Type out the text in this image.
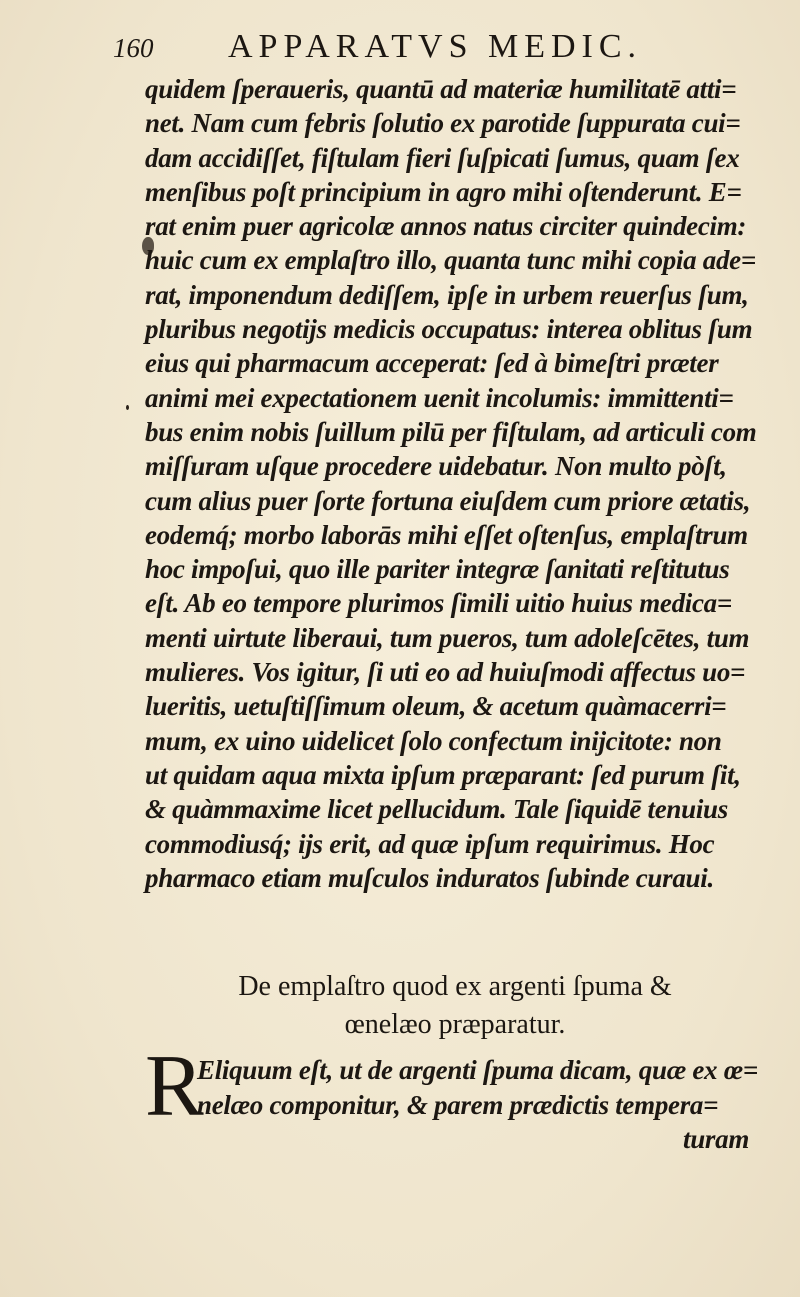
160 APPARATVS MEDIC.
quidem ſperaueris, quantū ad materiæ humilitatē atti=
net. Nam cum febris ſolutio ex parotide ſuppurata cui=
dam accidiſſet, fiſtulam fieri ſuſpicati ſumus, quam ſex
menſibus poſt principium in agro mihi oſtenderunt. E=
rat enim puer agricolæ annos natus circiter quindecim:
huic cum ex emplaſtro illo, quanta tunc mihi copia ade=
rat, imponendum dediſſem, ipſe in urbem reuerſus ſum,
pluribus negotijs medicis occupatus: interea oblitus ſum
eius qui pharmacum acceperat: ſed à bimeſtri præter
animi mei expectationem uenit incolumis: immittenti=
bus enim nobis ſuillum pilū per fiſtulam, ad articuli com
miſſuram uſque procedere uidebatur. Non multo pòſt,
cum alius puer ſorte fortuna eiuſdem cum priore ætatis,
eodemq́; morbo laborās mihi eſſet oſtenſus, emplaſtrum
hoc impoſui, quo ille pariter integræ ſanitati reſtitutus
eſt. Ab eo tempore plurimos ſimili uitio huius medica=
menti uirtute liberaui, tum pueros, tum adoleſcētes, tum
mulieres. Vos igitur, ſi uti eo ad huiuſmodi affectus uo=
lueritis, uetuſtiſſimum oleum, & acetum quàmacerri=
mum, ex uino uidelicet ſolo confectum inijcitote: non
ut quidam aqua mixta ipſum præparant: ſed purum ſit,
& quàmmaxime licet pellucidum. Tale ſiquidē tenuius
commodiusq́; ijs erit, ad quæ ipſum requirimus. Hoc
pharmaco etiam muſculos induratos ſubinde curaui.
De emplaſtro quod ex argenti ſpuma &
œnelæo præparatur.
R
Eliquum eſt, ut de argenti ſpuma dicam, quæ ex œ=
nelæo componitur, & parem prædictis tempera=
turam
